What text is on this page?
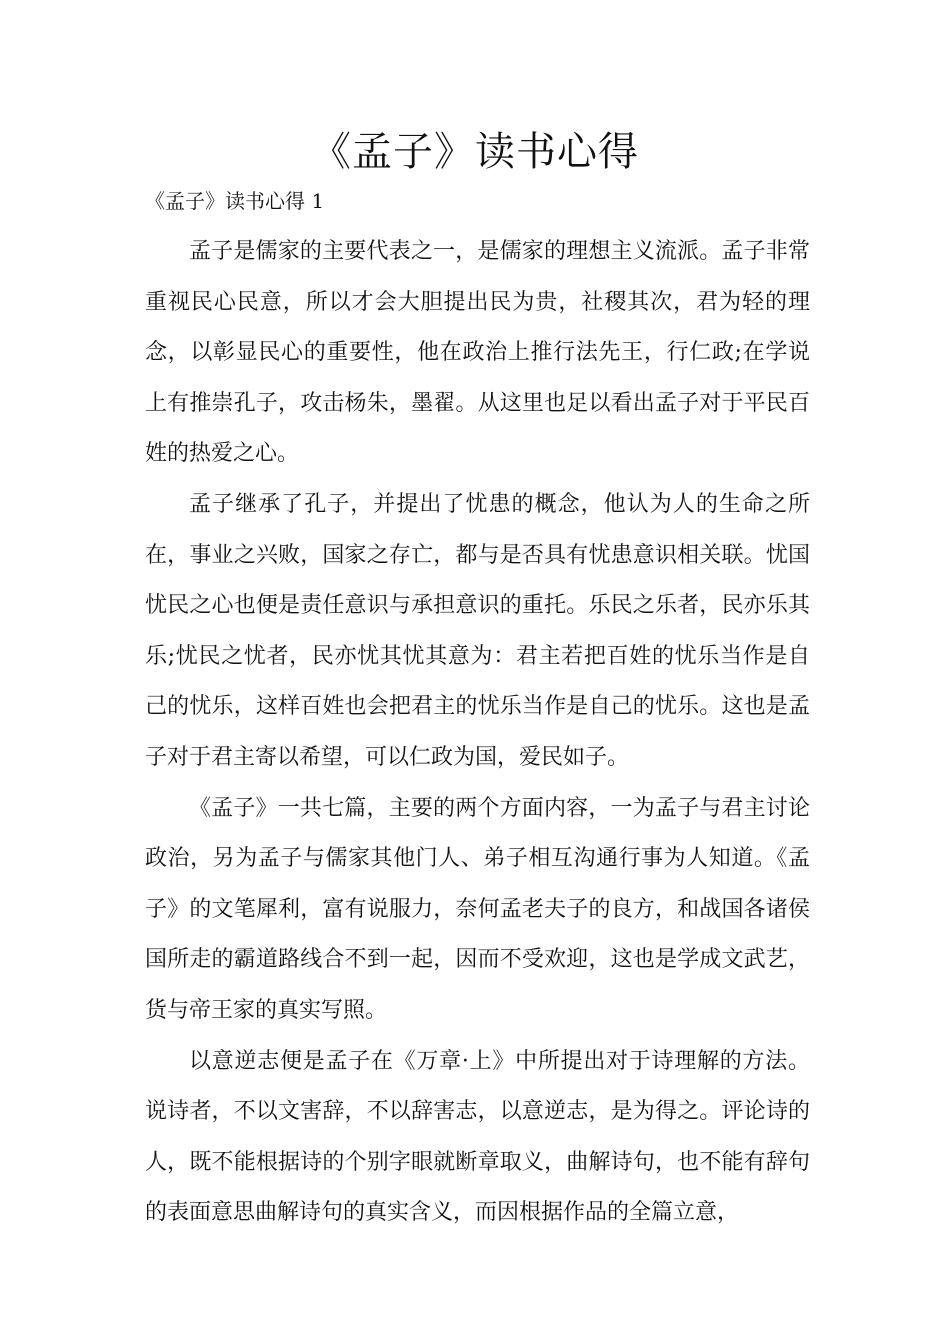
《孟子》读书心得
《孟子》读书心得 1

孟子是儒家的主要代表之一，是儒家的理想主义流派。孟子非常重视民心民意，所以才会大胆提出民为贵，社稷其次，君为轻的理念，以彰显民心的重要性，他在政治上推行法先王，行仁政;在学说上有推崇孔子，攻击杨朱，墨翟。从这里也足以看出孟子对于平民百姓的热爱之心。

孟子继承了孔子，并提出了忧患的概念，他认为人的生命之所在，事业之兴败，国家之存亡，都与是否具有忧患意识相关联。忧国忧民之心也便是责任意识与承担意识的重托。乐民之乐者，民亦乐其乐;忧民之忧者，民亦忧其忧其意为：君主若把百姓的忧乐当作是自己的忧乐，这样百姓也会把君主的忧乐当作是自己的忧乐。这也是孟子对于君主寄以希望，可以仁政为国，爱民如子。

《孟子》一共七篇，主要的两个方面内容，一为孟子与君主讨论政治，另为孟子与儒家其他门人、弟子相互沟通行事为人知道。《孟子》的文笔犀利，富有说服力，奈何孟老夫子的良方，和战国各诸侯国所走的霸道路线合不到一起，因而不受欢迎，这也是学成文武艺，货与帝王家的真实写照。

以意逆志便是孟子在《万章·上》中所提出对于诗理解的方法。说诗者，不以文害辞，不以辞害志，以意逆志，是为得之。评论诗的人，既不能根据诗的个别字眼就断章取义，曲解诗句，也不能有辞句的表面意思曲解诗句的真实含义，而因根据作品的全篇立意，
